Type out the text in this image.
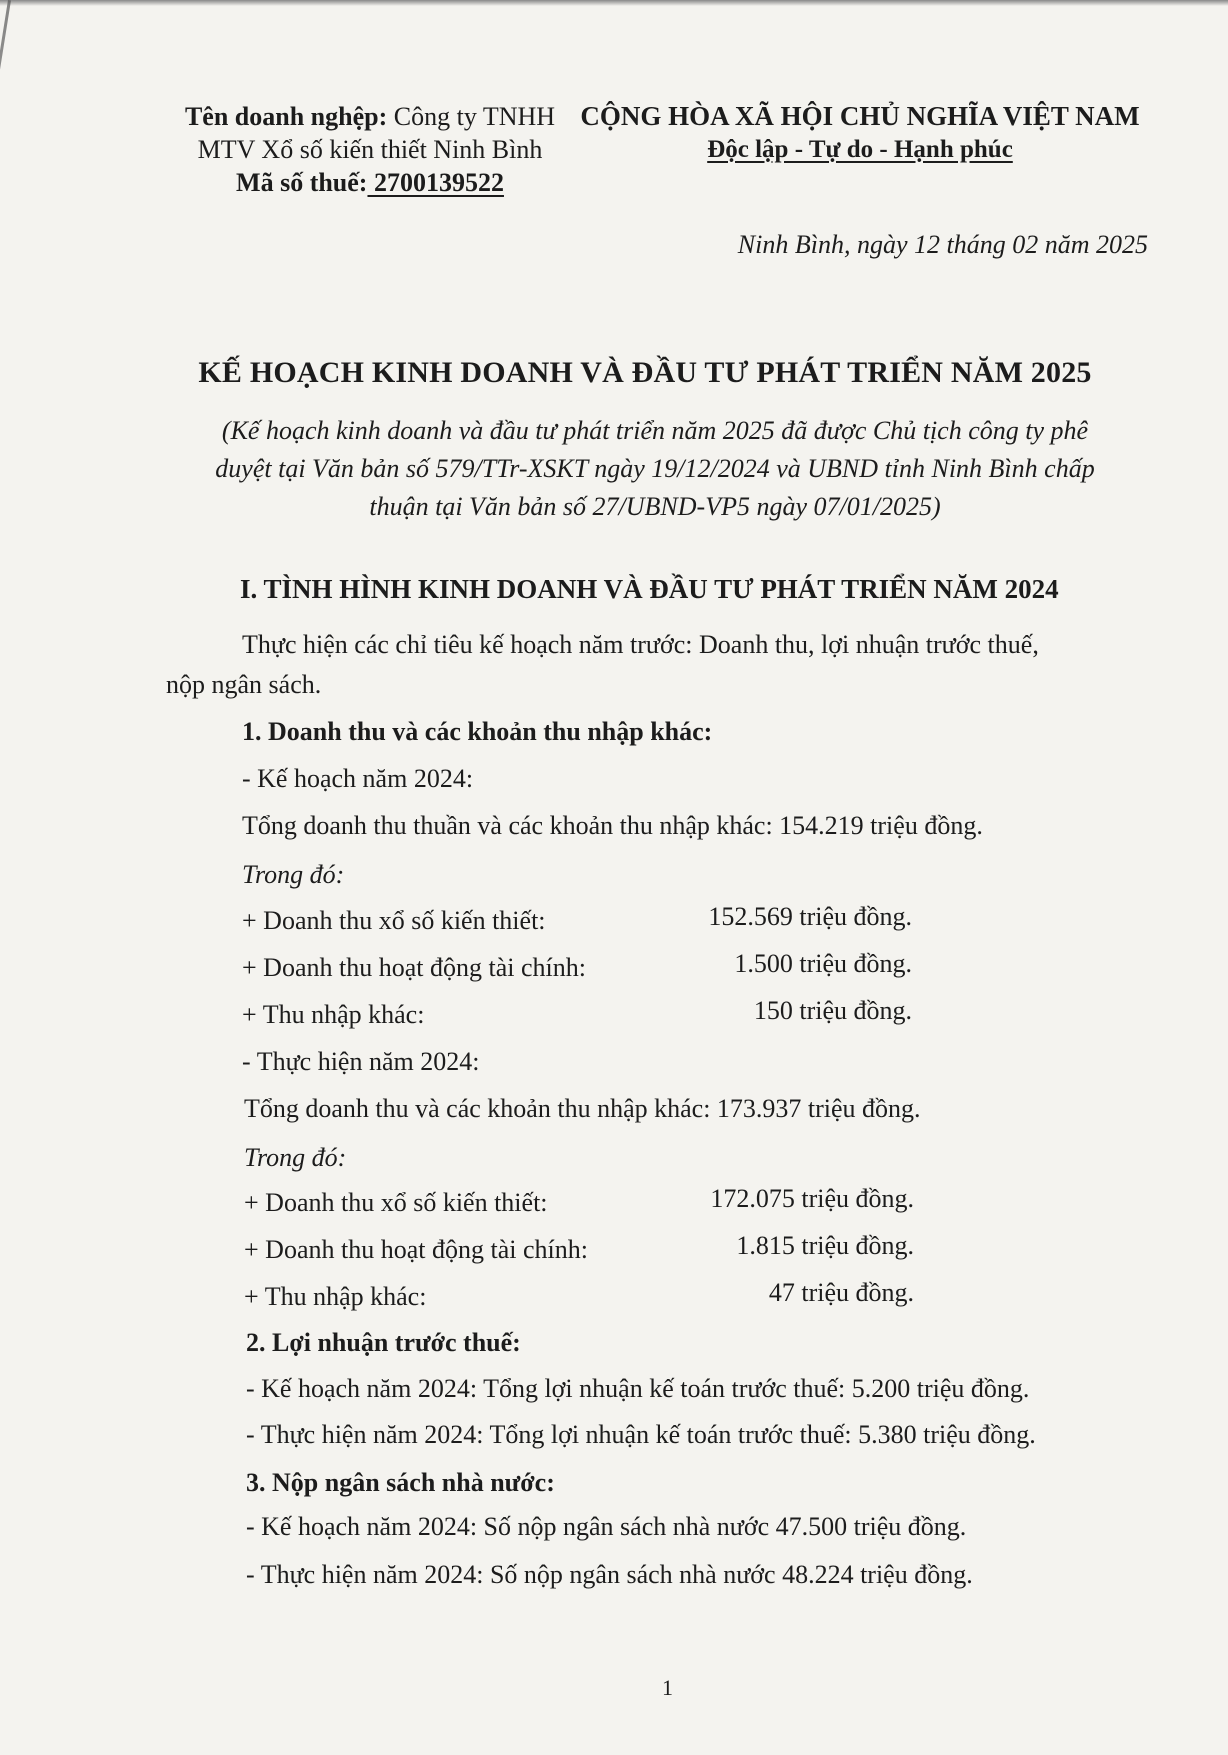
Tên doanh nghệp: Công ty TNHH
MTV Xổ số kiến thiết Ninh Bình
Mã số thuế: 2700139522
CỘNG HÒA XÃ HỘI CHỦ NGHĨA VIỆT NAM
Độc lập - Tự do - Hạnh phúc
Ninh Bình, ngày 12 tháng 02 năm 2025
KẾ HOẠCH KINH DOANH VÀ ĐẦU TƯ PHÁT TRIỂN NĂM 2025
(Kế hoạch kinh doanh và đầu tư phát triển năm 2025 đã được Chủ tịch công ty phê
duyệt tại Văn bản số 579/TTr-XSKT ngày 19/12/2024 và UBND tỉnh Ninh Bình chấp
thuận tại Văn bản số 27/UBND-VP5 ngày 07/01/2025)
I. TÌNH HÌNH KINH DOANH VÀ ĐẦU TƯ PHÁT TRIỂN NĂM 2024
Thực hiện các chỉ tiêu kế hoạch năm trước: Doanh thu, lợi nhuận trước thuế,
nộp ngân sách.
1. Doanh thu và các khoản thu nhập khác:
- Kế hoạch năm 2024:
Tổng doanh thu thuần và các khoản thu nhập khác: 154.219 triệu đồng.
Trong đó:
+ Doanh thu xổ số kiến thiết:	152.569 triệu đồng.
+ Doanh thu hoạt động tài chính:	1.500 triệu đồng.
+ Thu nhập khác:	150 triệu đồng.
- Thực hiện năm 2024:
Tổng doanh thu và các khoản thu nhập khác: 173.937 triệu đồng.
Trong đó:
+ Doanh thu xổ số kiến thiết:	172.075 triệu đồng.
+ Doanh thu hoạt động tài chính:	1.815 triệu đồng.
+ Thu nhập khác:	47 triệu đồng.
2. Lợi nhuận trước thuế:
- Kế hoạch năm 2024: Tổng lợi nhuận kế toán trước thuế: 5.200 triệu đồng.
- Thực hiện năm 2024: Tổng lợi nhuận kế toán trước thuế: 5.380 triệu đồng.
3. Nộp ngân sách nhà nước:
- Kế hoạch năm 2024: Số nộp ngân sách nhà nước 47.500 triệu đồng.
- Thực hiện năm 2024: Số nộp ngân sách nhà nước 48.224 triệu đồng.
1
